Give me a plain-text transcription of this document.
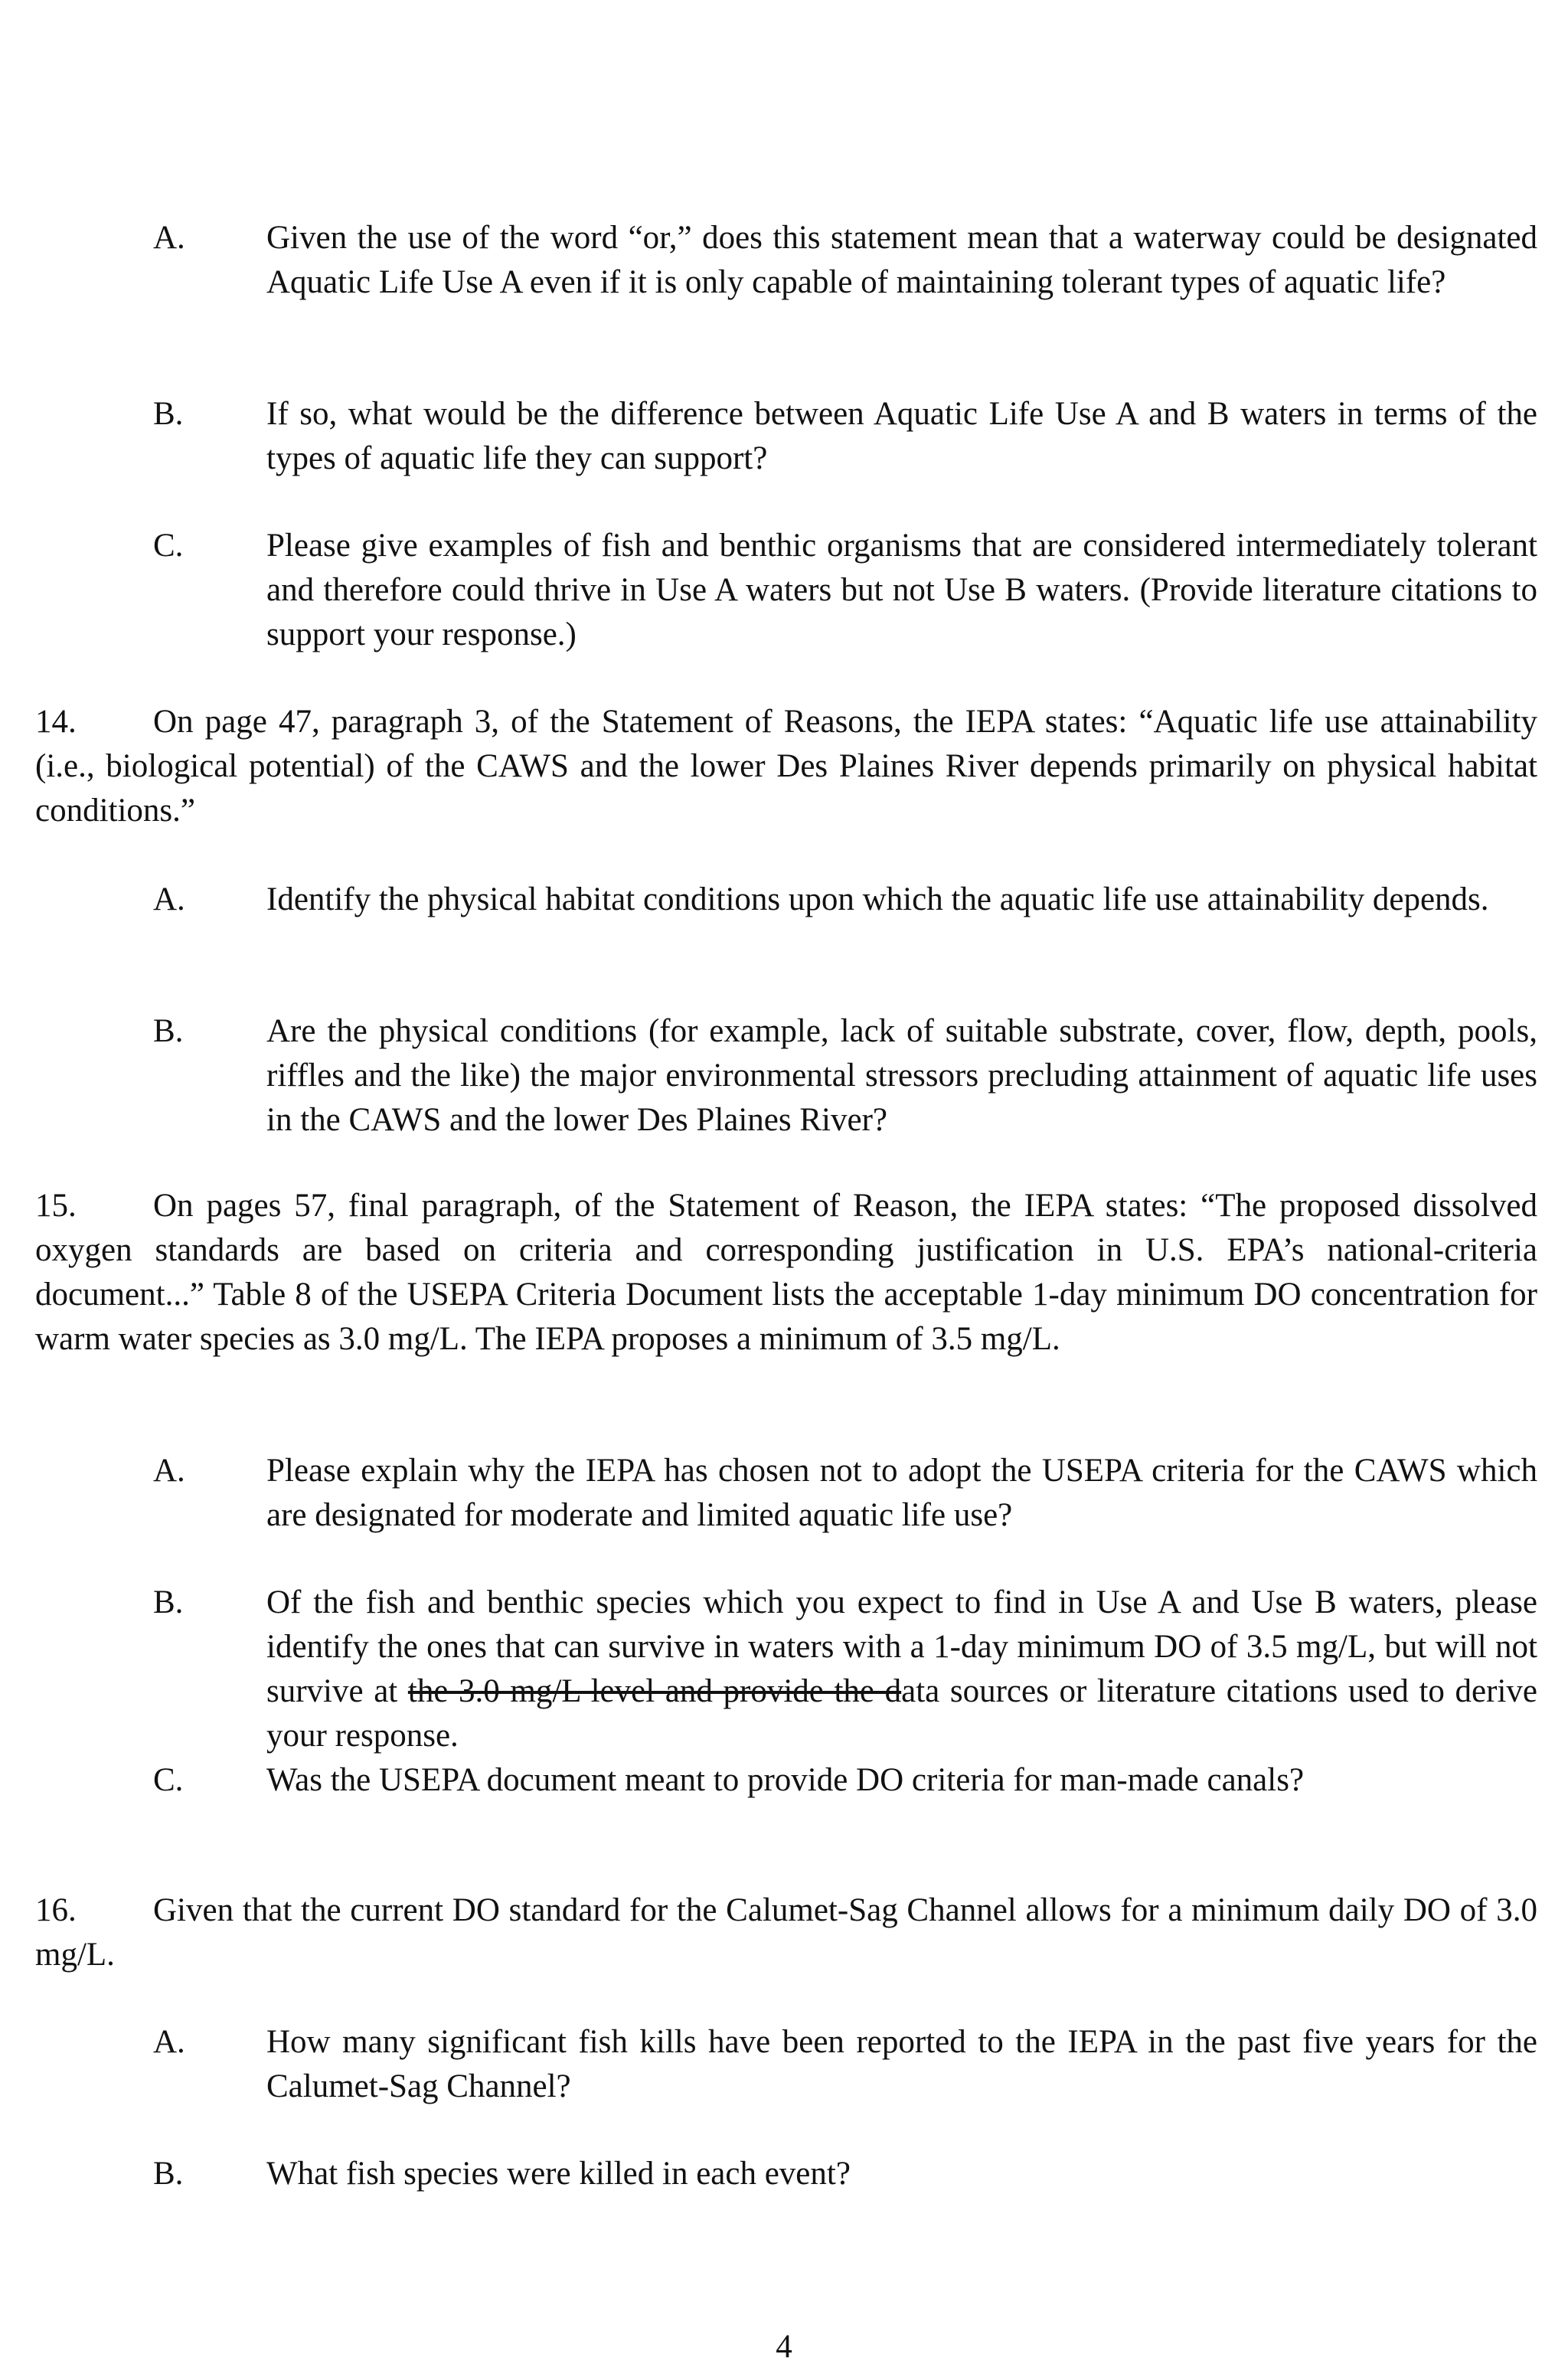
A. Given the use of the word “or,” does this statement mean that a waterway could be designated Aquatic Life Use A even if it is only capable of maintaining tolerant types of aquatic life?
B.	If so, what would be the difference between Aquatic Life Use A and B waters in terms of the types of aquatic life they can support?
C.	Please give examples of fish and benthic organisms that are considered intermediately tolerant and therefore could thrive in Use A waters but not Use B waters. (Provide literature citations to support your response.)
14.	On page 47, paragraph 3, of the Statement of Reasons, the IEPA states: “Aquatic life use attainability (i.e., biological potential) of the CAWS and the lower Des Plaines River depends primarily on physical habitat conditions.”
A. Identify the physical habitat conditions upon which the aquatic life use attainability depends.
B.	Are the physical conditions (for example, lack of suitable substrate, cover, flow, depth, pools, riffles and the like) the major environmental stressors precluding attainment of aquatic life uses in the CAWS and the lower Des Plaines River?
15.	On pages 57, final paragraph, of the Statement of Reason, the IEPA states: “The proposed dissolved oxygen standards are based on criteria and corresponding justification in U.S. EPA’s national-criteria document...” Table 8 of the USEPA Criteria Document lists the acceptable 1-day minimum DO concentration for warm water species as 3.0 mg/L. The IEPA proposes a minimum of 3.5 mg/L.
A. Please explain why the IEPA has chosen not to adopt the USEPA criteria for the CAWS which are designated for moderate and limited aquatic life use?
B.	Of the fish and benthic species which you expect to find in Use A and Use B waters, please identify the ones that can survive in waters with a 1-day minimum DO of 3.5 mg/L, but will not survive at the 3.0 mg/L level and provide the data sources or literature citations used to derive your response.
C.	Was the USEPA document meant to provide DO criteria for man-made canals?
16.	Given that the current DO standard for the Calumet-Sag Channel allows for a minimum daily DO of 3.0 mg/L.
A. How many significant fish kills have been reported to the IEPA in the past five years for the Calumet-Sag Channel?
B.	What fish species were killed in each event?
4
